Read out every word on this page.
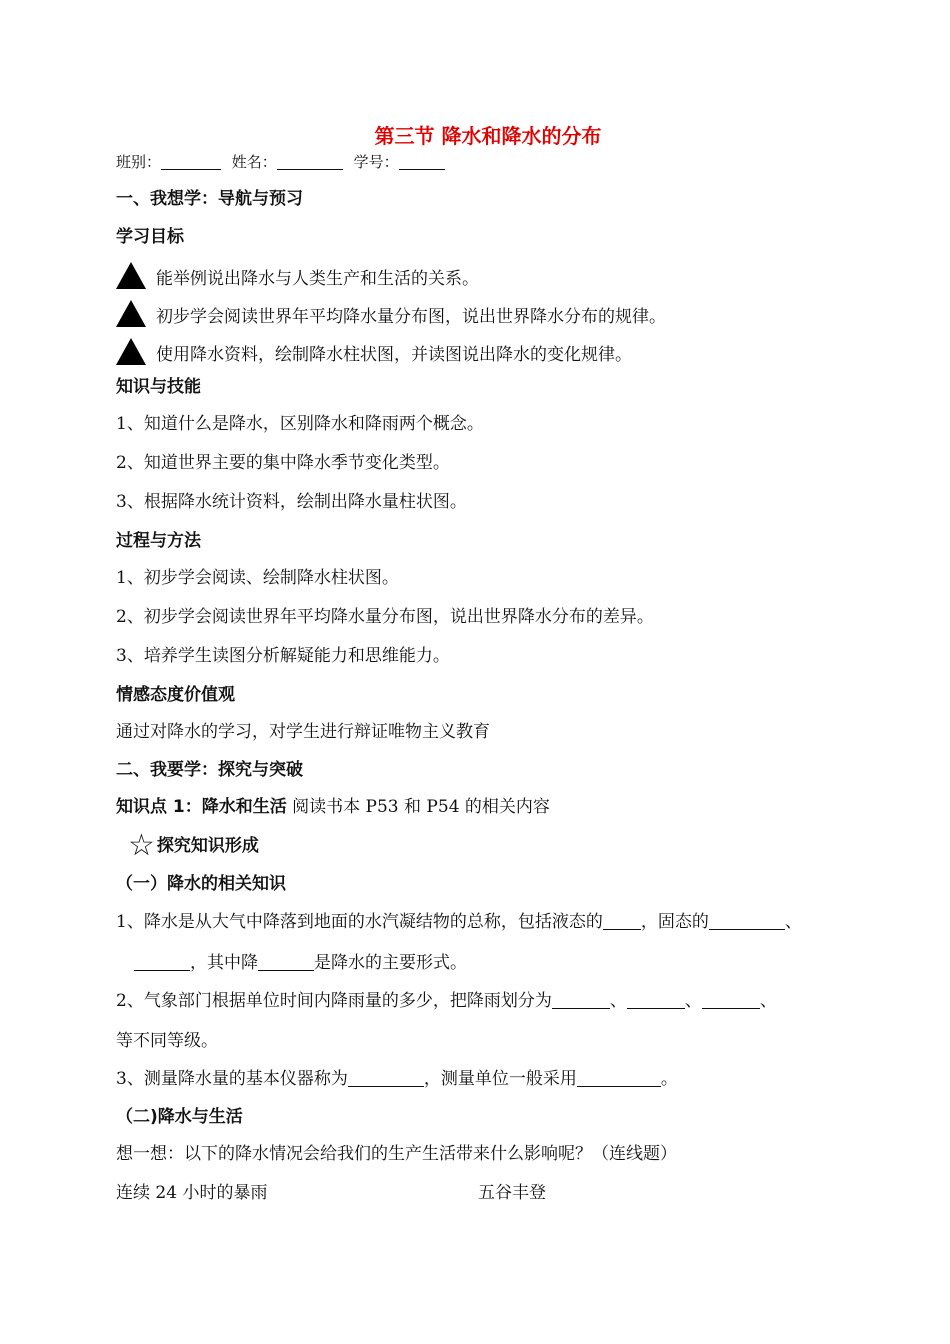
第三节 降水和降水的分布
班别：	姓名：	学号：
一、我想学：导航与预习
学习目标
能举例说出降水与人类生产和生活的关系。
初步学会阅读世界年平均降水量分布图，说出世界降水分布的规律。
使用降水资料，绘制降水柱状图，并读图说出降水的变化规律。
知识与技能
1、知道什么是降水，区别降水和降雨两个概念。
2、知道世界主要的集中降水季节变化类型。
3、根据降水统计资料，绘制出降水量柱状图。
过程与方法
1、初步学会阅读、绘制降水柱状图。
2、初步学会阅读世界年平均降水量分布图，说出世界降水分布的差异。
3、培养学生读图分析解疑能力和思维能力。
情感态度价值观
通过对降水的学习，对学生进行辩证唯物主义教育
二、我要学：探究与突破
知识点 1：降水和生活 阅读书本 P53 和 P54 的相关内容
☆ 探究知识形成
（一）降水的相关知识
1、降水是从大气中降落到地面的水汽凝结物的总称，包括液态的 ，固态的	、
，其中降	是降水的主要形式。
2、气象部门根据单位时间内降雨量的多少，把降雨划分为	、	、	、
等不同等级。
3、测量降水量的基本仪器称为	，测量单位一般采用	。
（二)降水与生活
想一想：以下的降水情况会给我们的生产生活带来什么影响呢？（连线题）
连续 24 小时的暴雨	五谷丰登
